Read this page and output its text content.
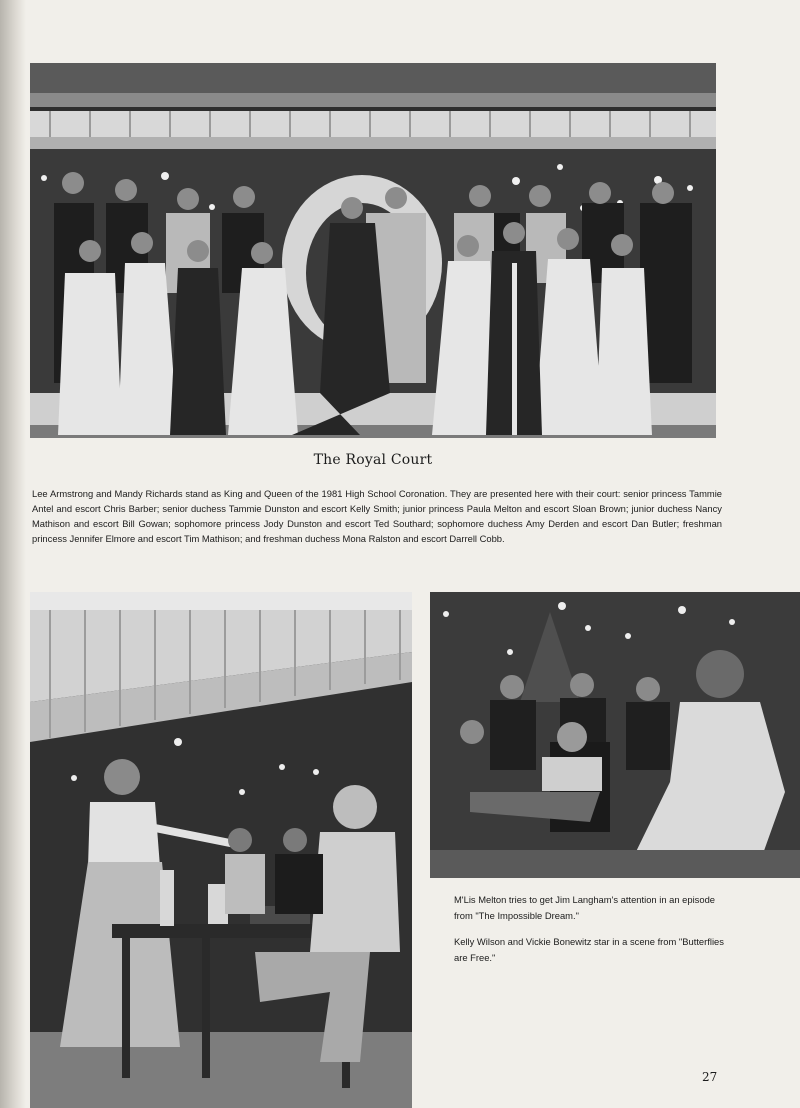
The Royal Court
Lee Armstrong and Mandy Richards stand as King and Queen of the 1981 High School Coronation. They are presented here with their court: senior princess Tammie Antel and escort Chris Barber; senior duchess Tammie Dunston and escort Kelly Smith; junior princess Paula Melton and escort Sloan Brown; junior duchess Nancy Mathison and escort Bill Gowan; sophomore princess Jody Dunston and escort Ted Southard; sophomore duchess Amy Derden and escort Dan Butler; freshman princess Jennifer Elmore and escort Tim Mathison; and freshman duchess Mona Ralston and escort Darrell Cobb.

M'Lis Melton tries to get Jim Langham's attention in an episode from "The Impossible Dream."

Kelly Wilson and Vickie Bonewitz star in a scene from "Butterflies are Free."

27
